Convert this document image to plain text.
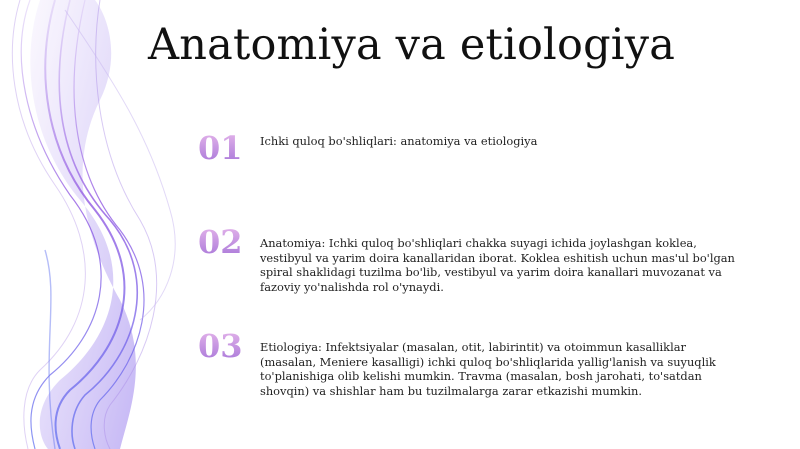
Anatomiya va etiologiya
01 Ichki quloq bo'shliqlari: anatomiya va etiologiya
02 Anatomiya: Ichki quloq bo'shliqlari chakka suyagi ichida joylashgan koklea, vestibyul va yarim doira kanallaridan iborat. Koklea eshitish uchun mas'ul bo'lgan spiral shaklidagi tuzilma bo'lib, vestibyul va yarim doira kanallari muvozanat va fazoviy yo'nalishda rol o'ynaydi.
03 Etiologiya: Infektsiyalar (masalan, otit, labirintit) va otoimmun kasalliklar (masalan, Meniere kasalligi) ichki quloq bo'shliqlarida yallig'lanish va suyuqlik to'planishiga olib kelishi mumkin. Travma (masalan, bosh jarohati, to'satdan shovqin) va shishlar ham bu tuzilmalarga zarar etkazishi mumkin.
